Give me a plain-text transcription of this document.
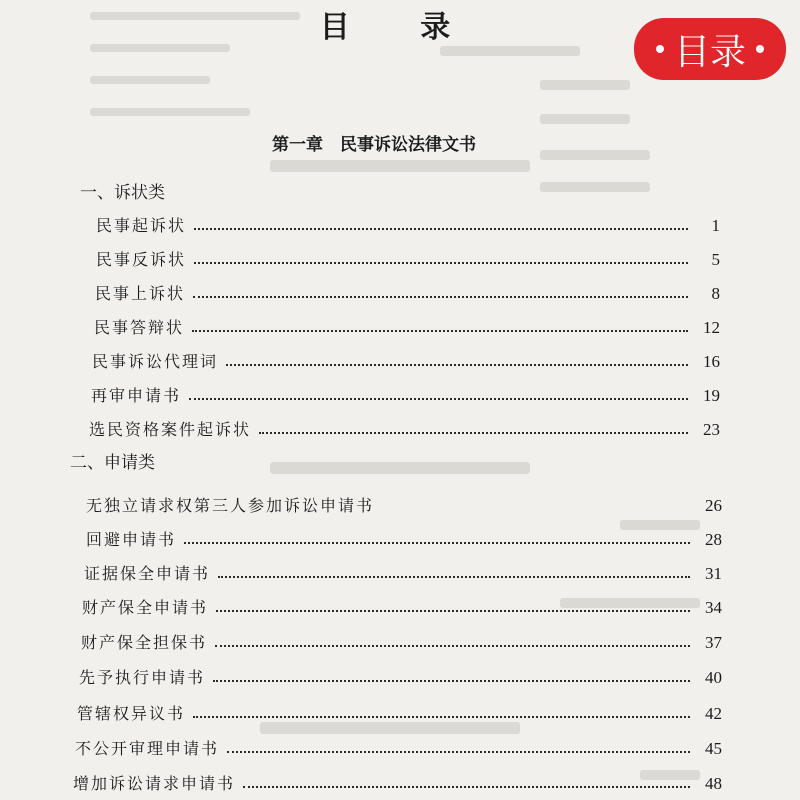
目 录
目录
第一章　民事诉讼法律文书
一、诉状类
民事起诉状	1
民事反诉状	5
民事上诉状	8
民事答辩状	12
民事诉讼代理词	16
再审申请书	19
选民资格案件起诉状	23
二、申请类
无独立请求权第三人参加诉讼申请书	26
回避申请书	28
证据保全申请书	31
财产保全申请书	34
财产保全担保书	37
先予执行申请书	40
管辖权异议书	42
不公开审理申请书	45
增加诉讼请求申请书	48
